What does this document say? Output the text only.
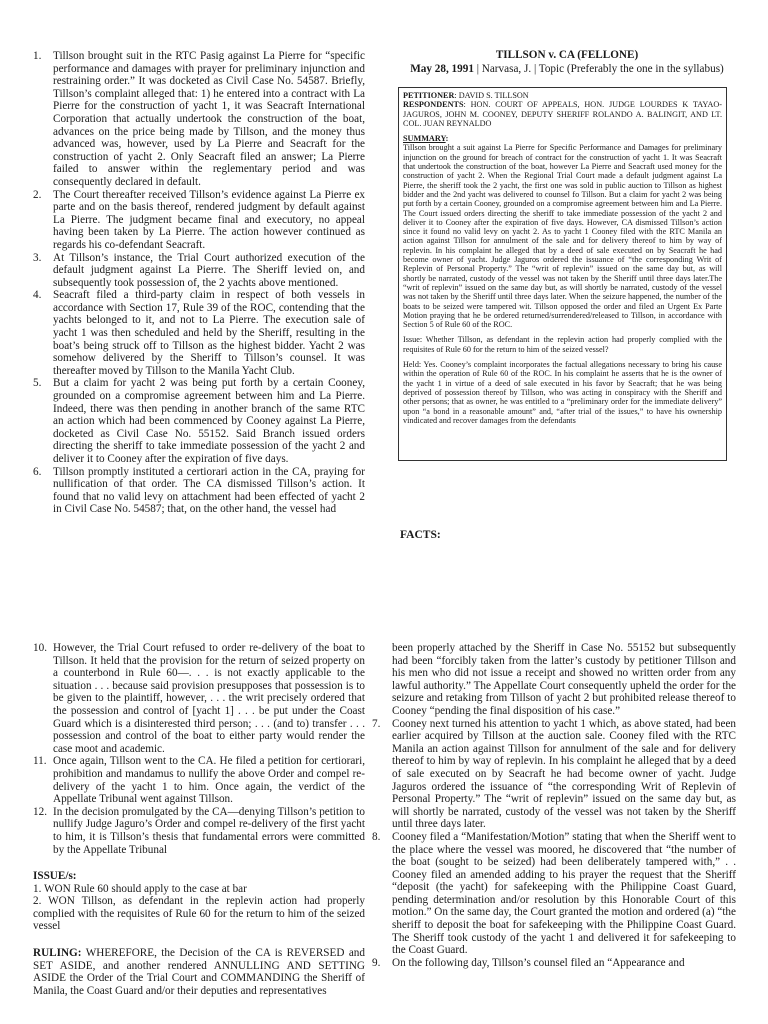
1. Tillson brought suit in the RTC Pasig against La Pierre for “specific performance and damages with prayer for preliminary injunction and restraining order.” It was docketed as Civil Case No. 54587. Briefly, Tillson’s complaint alleged that: 1) he entered into a contract with La Pierre for the construction of yacht 1, it was Seacraft International Corporation that actually undertook the construction of the boat, advances on the price being made by Tillson, and the money thus advanced was, however, used by La Pierre and Seacraft for the construction of yacht 2. Only Seacraft filed an answer; La Pierre failed to answer within the reglementary period and was consequently declared in default.
2. The Court thereafter received Tillson’s evidence against La Pierre ex parte and on the basis thereof, rendered judgment by default against La Pierre. The judgment became final and executory, no appeal having been taken by La Pierre. The action however continued as regards his co-defendant Seacraft.
3. At Tillson’s instance, the Trial Court authorized execution of the default judgment against La Pierre. The Sheriff levied on, and subsequently took possession of, the 2 yachts above mentioned.
4. Seacraft filed a third-party claim in respect of both vessels in accordance with Section 17, Rule 39 of the ROC, contending that the yachts belonged to it, and not to La Pierre. The execution sale of yacht 1 was then scheduled and held by the Sheriff, resulting in the boat’s being struck off to Tillson as the highest bidder. Yacht 2 was somehow delivered by the Sheriff to Tillson’s counsel. It was thereafter moved by Tillson to the Manila Yacht Club.
5. But a claim for yacht 2 was being put forth by a certain Cooney, grounded on a compromise agreement between him and La Pierre. Indeed, there was then pending in another branch of the same RTC an action which had been commenced by Cooney against La Pierre, docketed as Civil Case No. 55152. Said Branch issued orders directing the sheriff to take immediate possession of the yacht 2 and deliver it to Cooney after the expiration of five days.
6. Tillson promptly instituted a certiorari action in the CA, praying for nullification of that order. The CA dismissed Tillson’s action. It found that no valid levy on attachment had been effected of yacht 2 in Civil Case No. 54587; that, on the other hand, the vessel had
TILLSON v. CA (FELLONE)
May 28, 1991 | Narvasa, J. | Topic (Preferably the one in the syllabus)

PETITIONER: DAVID S. TILLSON
RESPONDENTS: HON. COURT OF APPEALS, HON. JUDGE LOURDES K TAYAO-JAGUROS, JOHN M. COONEY, DEPUTY SHERIFF ROLANDO A. BALINGIT, AND LT. COL. JUAN REYNALDO

SUMMARY:
Tillson brought a suit against La Pierre for Specific Performance and Damages for preliminary injunction on the ground for breach of contract for the construction of yacht 1. It was Seacraft that undertook the construction of the boat, however La Pierre and Seacraft used money for the construction of yacht 2. When the Regional Trial Court made a default judgment against La Pierre, the sheriff took the 2 yacht, the first one was sold in public auction to Tillson as highest bidder and the 2nd yacht was delivered to counsel fo Tillson. But a claim for yacht 2 was being put forth by a certain Cooney, grounded on a compromise agreement between him and La Pierre. The Court issued orders directing the sheriff to take immediate possession of the yacht 2 and deliver it to Cooney after the expiration of five days. However, CA dismissed Tillson’s action since it found no valid levy on yacht 2. As to yacht 1 Cooney filed with the RTC Manila an action against Tillson for annulment of the sale and for delivery thereof to him by way of replevin. In his complaint he alleged that by a deed of sale executed on by Seacraft he had become owner of yacht. Judge Jaguros ordered the issuance of “the corresponding Writ of Replevin of Personal Property.” The “writ of replevin” issued on the same day but, as will shortly be narrated, custody of the vessel was not taken by the Sheriff until three days later.The “writ of replevin” issued on the same day but, as will shortly be narrated, custody of the vessel was not taken by the Sheriff until three days later. When the seizure happened, the number of the boats to be seized were tampered wit. Tillson opposed the order and filed an Urgent Ex Parte Motion praying that he be ordered returned/surrendered/released to Tillson, in accordance with Section 5 of Rule 60 of the ROC.

Issue: Whether Tillson, as defendant in the replevin action had properly complied with the requisites of Rule 60 for the return to him of the seized vessel?

Held: Yes. Cooney’s complaint incorporates the factual allegations necessary to bring his cause within the operation of Rule 60 of the ROC. In his complaint he asserts that he is the owner of the yacht 1 in virtue of a deed of sale executed in his favor by Seacraft; that he was being deprived of possession thereof by Tillson, who was acting in conspiracy with the Sheriff and other persons; that as owner, he was entitled to a “preliminary order for the immediate delivery” upon “a bond in a reasonable amount” and, “after trial of the issues,” to have his ownership vindicated and recover damages from the defendants

FACTS:
10. However, the Trial Court refused to order re-delivery of the boat to Tillson. It held that the provision for the return of seized property on a counterbond in Rule 60—. . . is not exactly applicable to the situation . . . because said provision presupposes that possession is to be given to the plaintiff, however, . . . the writ precisely ordered that the possession and control of [yacht 1] . . . be put under the Coast Guard which is a disinterested third person; . . . (and to) transfer . . . possession and control of the boat to either party would render the case moot and academic.
11. Once again, Tillson went to the CA. He filed a petition for certiorari, prohibition and mandamus to nullify the above Order and compel re-delivery of the yacht 1 to him. Once again, the verdict of the Appellate Tribunal went against Tillson.
12. In the decision promulgated by the CA—denying Tillson’s petition to nullify Judge Jaguro’s Order and compel re-delivery of the first yacht to him, it is Tillson’s thesis that fundamental errors were committed by the Appellate Tribunal
ISSUE/s:

1. WON Rule 60 should apply to the case at bar

2. WON Tillson, as defendant in the replevin action had properly complied with the requisites of Rule 60 for the return to him of the seized vessel

RULING: WHEREFORE, the Decision of the CA is REVERSED and SET ASIDE, and another rendered ANNULLING AND SETTING ASIDE the Order of the Trial Court and COMMANDING the Sheriff of Manila, the Coast Guard and/or their deputies and representatives
been properly attached by the Sheriff in Case No. 55152 but subsequently had been “forcibly taken from the latter’s custody by petitioner Tillson and his men who did not issue a receipt and showed no written order from any lawful authority.” The Appellate Court consequently upheld the order for the seizure and retaking from Tillson of yacht 2 but prohibited release thereof to Cooney “pending the final disposition of his case.”
7. Cooney next turned his attention to yacht 1 which, as above stated, had been earlier acquired by Tillson at the auction sale. Cooney filed with the RTC Manila an action against Tillson for annulment of the sale and for delivery thereof to him by way of replevin. In his complaint he alleged that by a deed of sale executed on by Seacraft he had become owner of yacht. Judge Jaguros ordered the issuance of “the corresponding Writ of Replevin of Personal Property.” The “writ of replevin” issued on the same day but, as will shortly be narrated, custody of the vessel was not taken by the Sheriff until three days later.
8. Cooney filed a “Manifestation/Motion” stating that when the Sheriff went to the place where the vessel was moored, he discovered that “the number of the boat (sought to be seized) had been deliberately tampered with,” . . Cooney filed an amended adding to his prayer the request that the Sheriff “deposit (the yacht) for safekeeping with the Philippine Coast Guard, pending determination and/or resolution by this Honorable Court of this motion.” On the same day, the Court granted the motion and ordered (a) “the sheriff to deposit the boat for safekeeping with the Philippine Coast Guard. The Sheriff took custody of the yacht 1 and delivered it for safekeeping to the Coast Guard.
9. On the following day, Tillson’s counsel filed an “Appearance and
